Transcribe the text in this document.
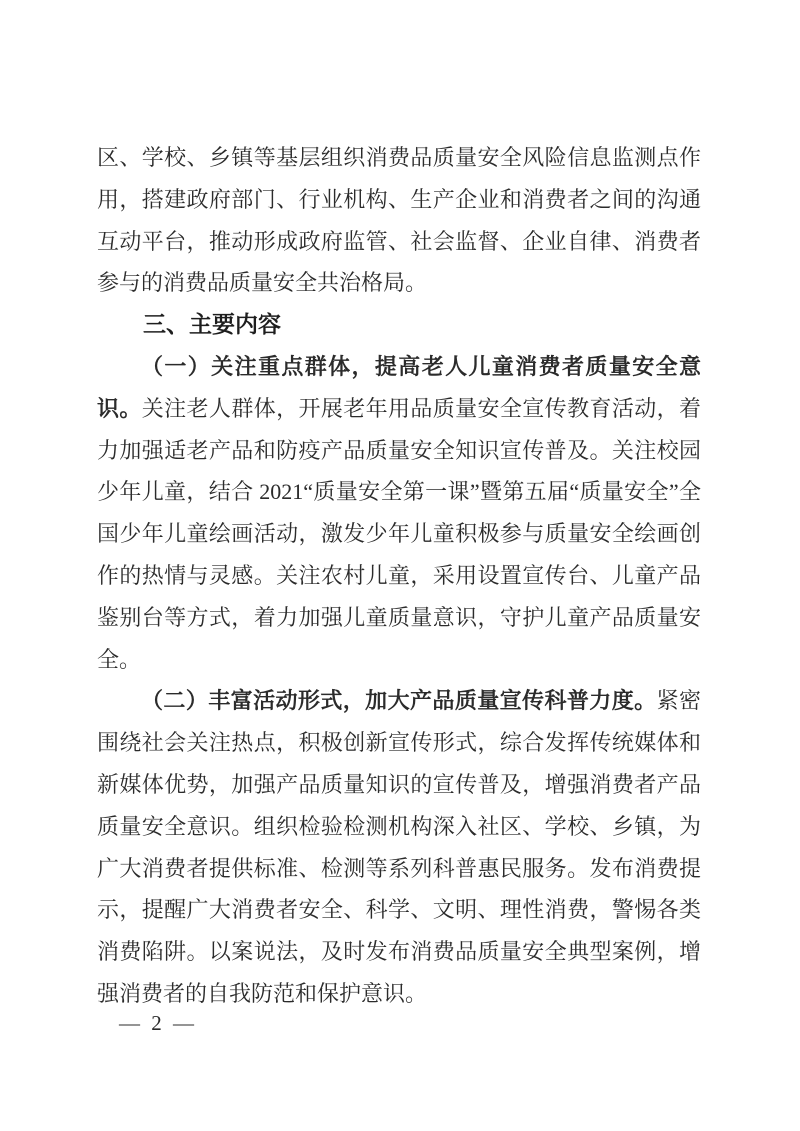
区、学校、乡镇等基层组织消费品质量安全风险信息监测点作用，搭建政府部门、行业机构、生产企业和消费者之间的沟通互动平台，推动形成政府监管、社会监督、企业自律、消费者参与的消费品质量安全共治格局。

三、主要内容

（一）关注重点群体，提高老人儿童消费者质量安全意识。关注老人群体，开展老年用品质量安全宣传教育活动，着力加强适老产品和防疫产品质量安全知识宣传普及。关注校园少年儿童，结合 2021“质量安全第一课”暨第五届“质量安全”全国少年儿童绘画活动，激发少年儿童积极参与质量安全绘画创作的热情与灵感。关注农村儿童，采用设置宣传台、儿童产品鉴别台等方式，着力加强儿童质量意识，守护儿童产品质量安全。

（二）丰富活动形式，加大产品质量宣传科普力度。紧密围绕社会关注热点，积极创新宣传形式，综合发挥传统媒体和新媒体优势，加强产品质量知识的宣传普及，增强消费者产品质量安全意识。组织检验检测机构深入社区、学校、乡镇，为广大消费者提供标准、检测等系列科普惠民服务。发布消费提示，提醒广大消费者安全、科学、文明、理性消费，警惕各类消费陷阱。以案说法，及时发布消费品质量安全典型案例，增强消费者的自我防范和保护意识。

— 2 —
